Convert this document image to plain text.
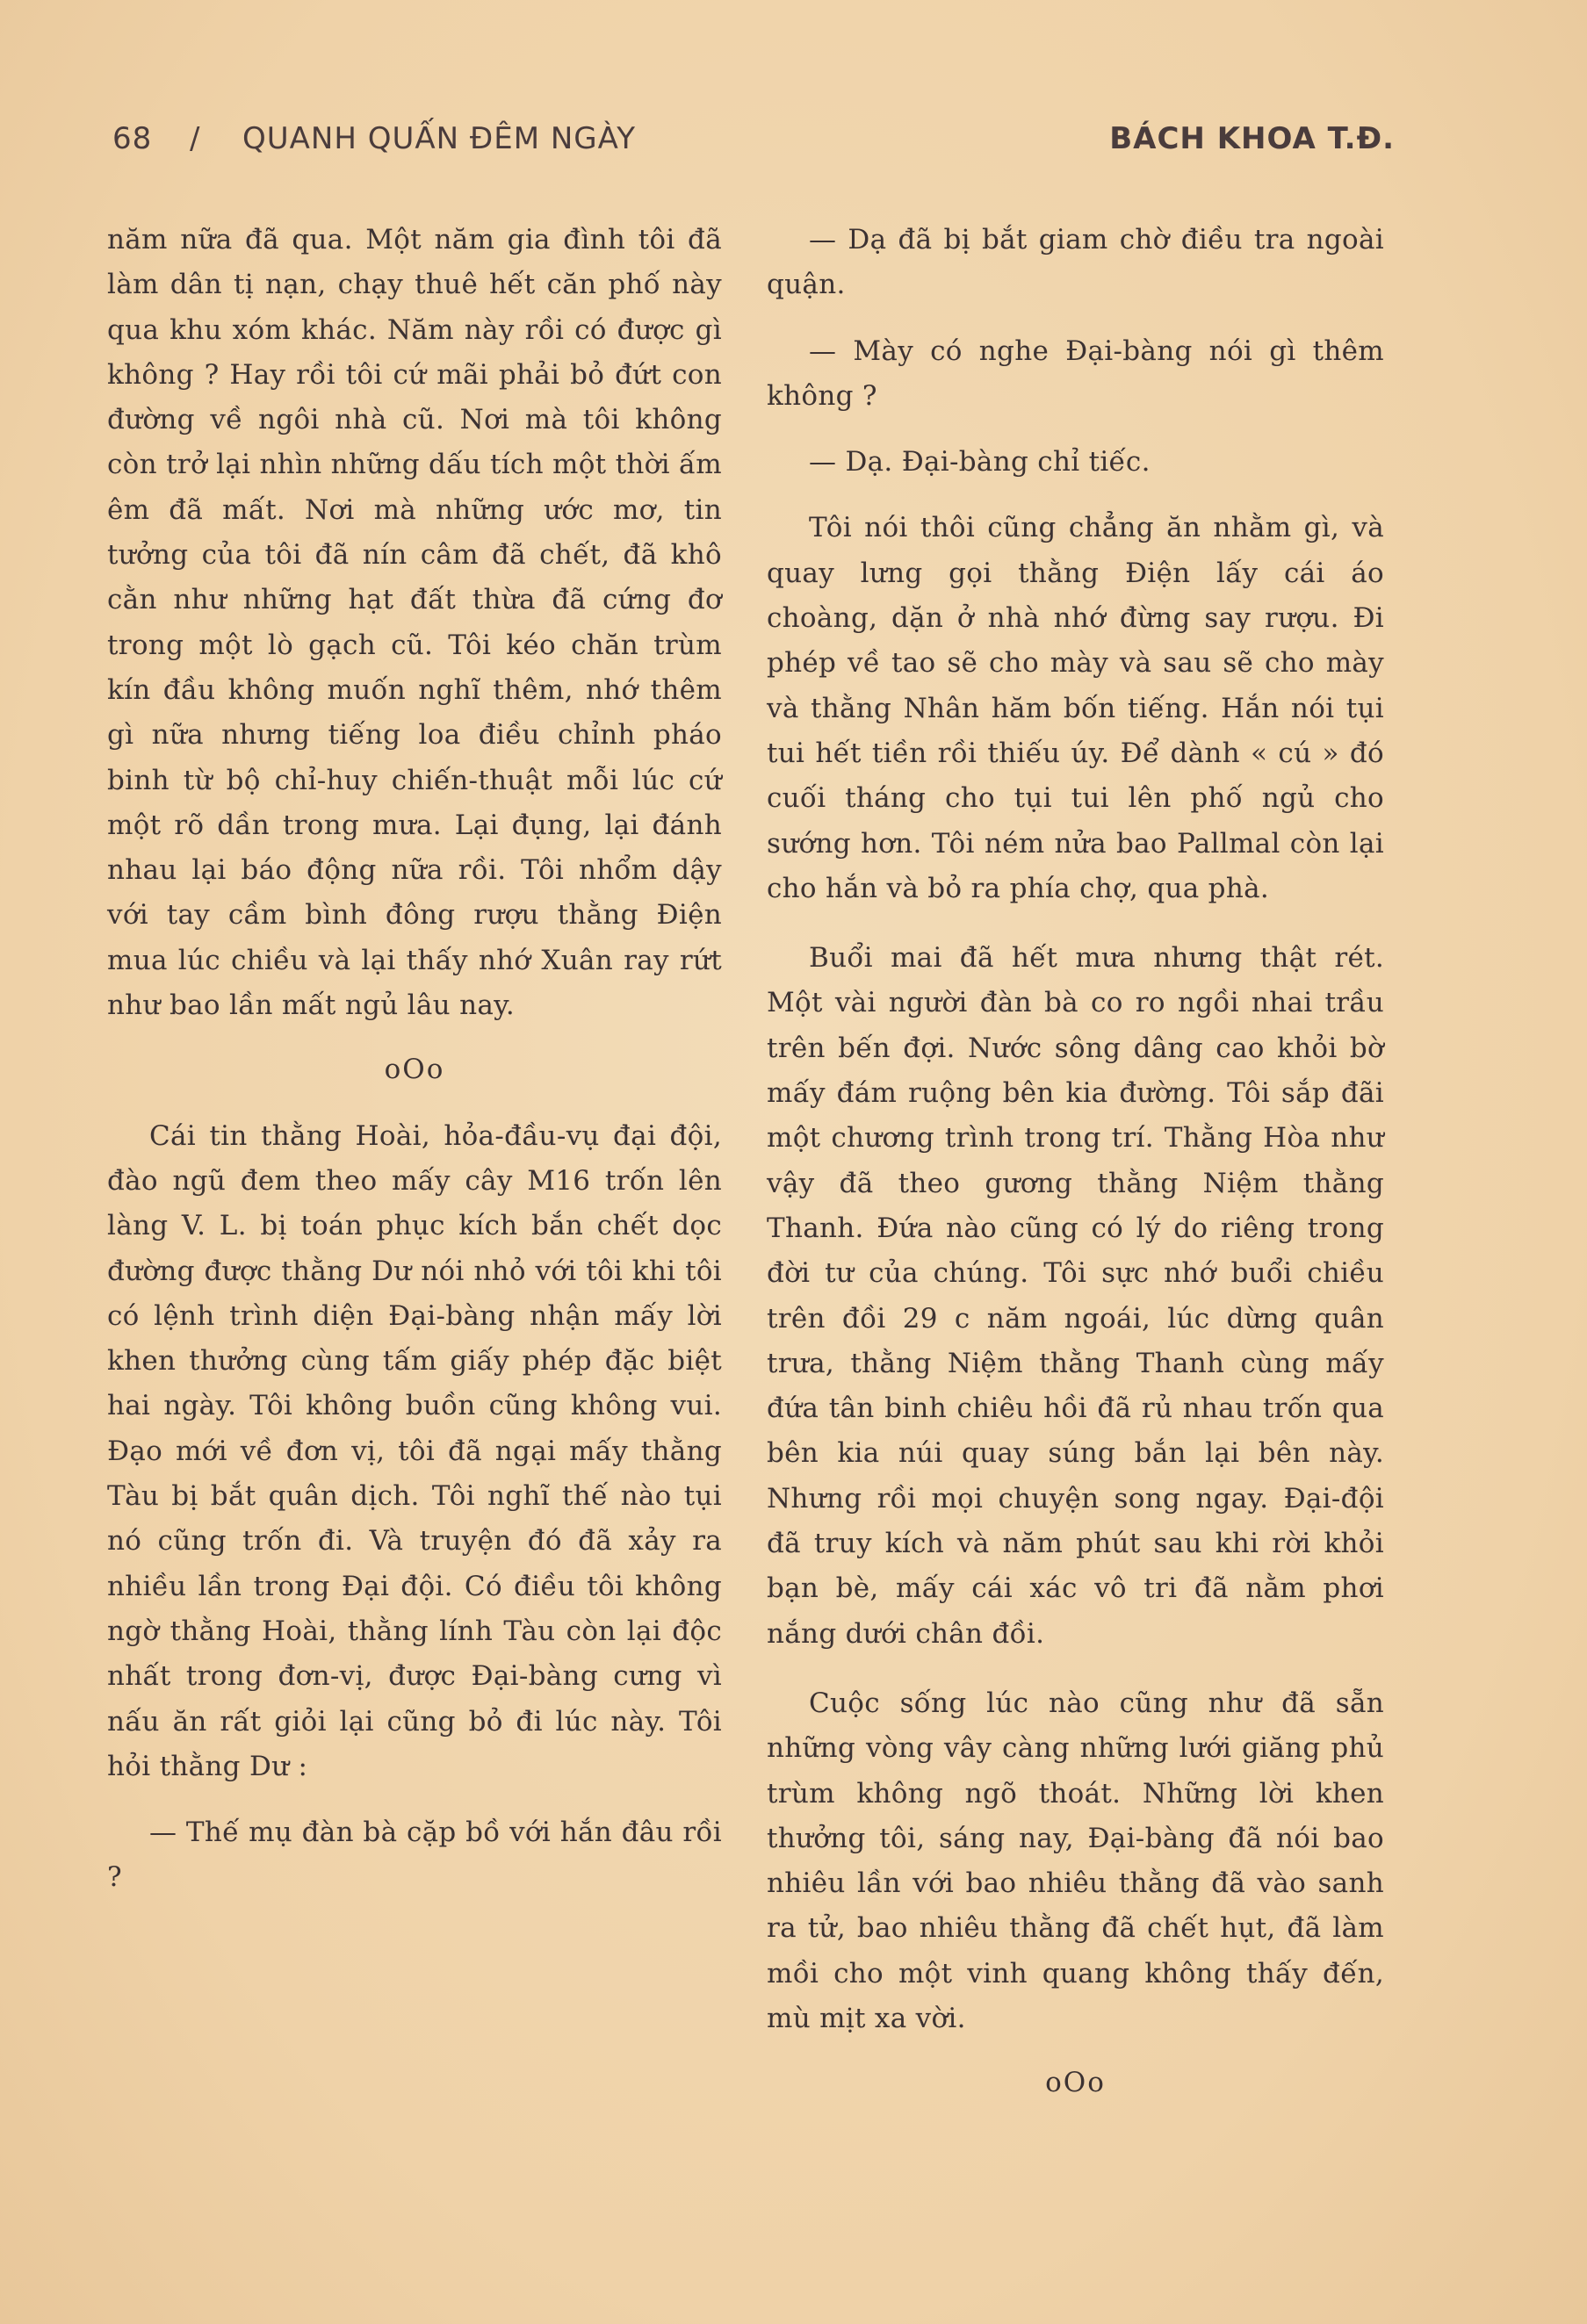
68 / QUANH QUẤN ĐÊM NGÀY	BÁCH KHOA T.Đ.

năm nữa đã qua. Một năm gia đình tôi đã làm dân tị nạn, chạy thuê hết căn phố này qua khu xóm khác. Năm này rồi có được gì không ? Hay rồi tôi cứ mãi phải bỏ đứt con đường về ngôi nhà cũ. Nơi mà tôi không còn trở lại nhìn những dấu tích một thời ấm êm đã mất. Nơi mà những ước mơ, tin tưởng của tôi đã nín câm đã chết, đã khô cằn như những hạt đất thừa đã cứng đơ trong một lò gạch cũ. Tôi kéo chăn trùm kín đầu không muốn nghĩ thêm, nhớ thêm gì nữa nhưng tiếng loa điều chỉnh pháo binh từ bộ chỉ-huy chiến-thuật mỗi lúc cứ một rõ dần trong mưa. Lại đụng, lại đánh nhau lại báo động nữa rồi. Tôi nhổm dậy với tay cầm bình đông rượu thằng Điện mua lúc chiều và lại thấy nhớ Xuân ray rứt như bao lần mất ngủ lâu nay.

oOo

Cái tin thằng Hoài, hỏa-đầu-vụ đại đội, đào ngũ đem theo mấy cây M16 trốn lên làng V. L. bị toán phục kích bắn chết dọc đường được thằng Dư nói nhỏ với tôi khi tôi có lệnh trình diện Đại-bàng nhận mấy lời khen thưởng cùng tấm giấy phép đặc biệt hai ngày. Tôi không buồn cũng không vui. Đạo mới về đơn vị, tôi đã ngại mấy thằng Tàu bị bắt quân dịch. Tôi nghĩ thế nào tụi nó cũng trốn đi. Và truyện đó đã xảy ra nhiều lần trong Đại đội. Có điều tôi không ngờ thằng Hoài, thằng lính Tàu còn lại độc nhất trong đơn-vị, được Đại-bàng cưng vì nấu ăn rất giỏi lại cũng bỏ đi lúc này. Tôi hỏi thằng Dư :

— Thế mụ đàn bà cặp bồ với hắn đâu rồi ?

— Dạ đã bị bắt giam chờ điều tra ngoài quận.

— Mày có nghe Đại-bàng nói gì thêm không ?

— Dạ. Đại-bàng chỉ tiếc.

Tôi nói thôi cũng chẳng ăn nhằm gì, và quay lưng gọi thằng Điện lấy cái áo choàng, dặn ở nhà nhớ đừng say rượu. Đi phép về tao sẽ cho mày và sau sẽ cho mày và thằng Nhân hăm bốn tiếng. Hắn nói tụi tui hết tiền rồi thiếu úy. Để dành « cú » đó cuối tháng cho tụi tui lên phố ngủ cho sướng hơn. Tôi ném nửa bao Pallmal còn lại cho hắn và bỏ ra phía chợ, qua phà.

Buổi mai đã hết mưa nhưng thật rét. Một vài người đàn bà co ro ngồi nhai trầu trên bến đợi. Nước sông dâng cao khỏi bờ mấy đám ruộng bên kia đường. Tôi sắp đãi một chương trình trong trí. Thằng Hòa như vậy đã theo gương thằng Niệm thằng Thanh. Đứa nào cũng có lý do riêng trong đời tư của chúng. Tôi sực nhớ buổi chiều trên đồi 29 c năm ngoái, lúc dừng quân trưa, thằng Niệm thằng Thanh cùng mấy đứa tân binh chiêu hồi đã rủ nhau trốn qua bên kia núi quay súng bắn lại bên này. Nhưng rồi mọi chuyện song ngay. Đại-đội đã truy kích và năm phút sau khi rời khỏi bạn bè, mấy cái xác vô tri đã nằm phơi nắng dưới chân đồi.

Cuộc sống lúc nào cũng như đã sẵn những vòng vây càng những lưới giăng phủ trùm không ngõ thoát. Những lời khen thưởng tôi, sáng nay, Đại-bàng đã nói bao nhiêu lần với bao nhiêu thằng đã vào sanh ra tử, bao nhiêu thằng đã chết hụt, đã làm mồi cho một vinh quang không thấy đến, mù mịt xa vời.

oOo
